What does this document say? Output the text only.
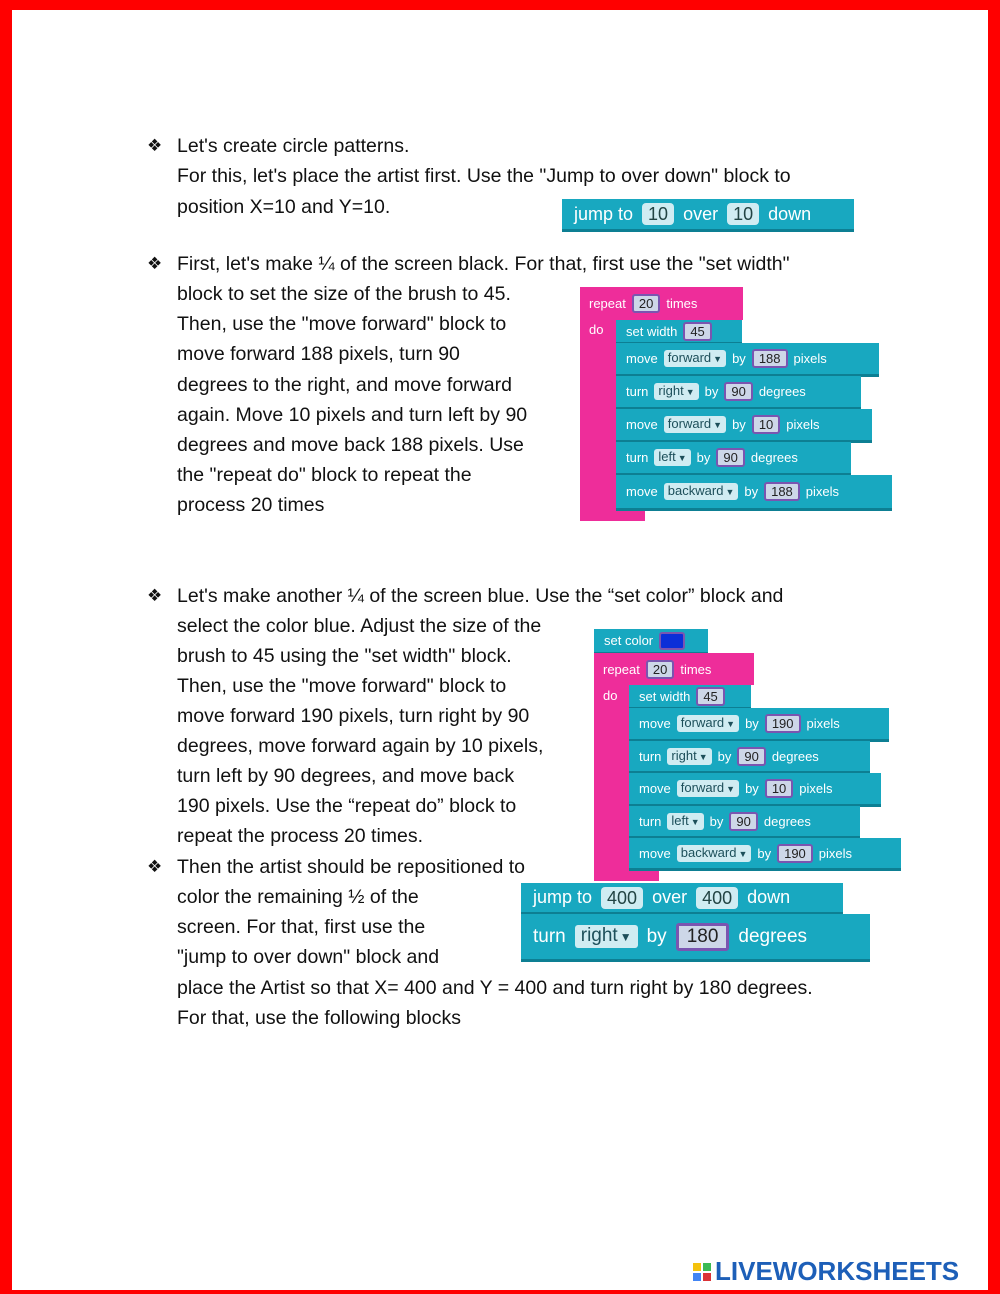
❖
❖
❖
❖
Let's create circle patterns.
For this, let's place the artist first. Use the "Jump to over down" block to
position X=10 and Y=10.
First, let's make ¼ of the screen black. For that, first use the "set width"
block to set the size of the brush to 45.
Then, use the "move forward" block to
move forward 188 pixels, turn 90
degrees to the right, and move forward
again. Move 10 pixels and turn left by 90
degrees and move back 188 pixels. Use
the "repeat do" block to repeat the
process 20 times
Let's make another ¼ of the screen blue. Use the “set color” block and
select the color blue. Adjust the size of the
brush to 45 using the "set width" block.
Then, use the "move forward" block to
move forward 190 pixels, turn right by 90
degrees, move forward again by 10 pixels,
turn left by 90 degrees, and move back
190 pixels. Use the “repeat do” block to
repeat the process 20 times.
Then the artist should be repositioned to
color the remaining ½ of the
screen. For that, first use the
"jump to over down" block and
place the Artist so that X= 400 and Y = 400 and turn right by 180 degrees.
For that, use the following blocks
jump to 10 over 10 down
repeat	20	times
do set width	45
move forward ▼ by	188	pixels
turn right ▼ by	90	degrees
move forward ▼ by	10	pixels
turn left ▼ by	90	degrees
move backward ▼ by	188	pixels
set color
repeat	20	times
do set width	45
move forward ▼ by	190	pixels
turn right ▼ by	90	degrees
move forward ▼ by	10	pixels
turn left ▼ by	90	degrees
move backward ▼ by	190	pixels
jump to 400 over 400 down
turn right ▼ by	180	degrees
LIVEWORKSHEETS
